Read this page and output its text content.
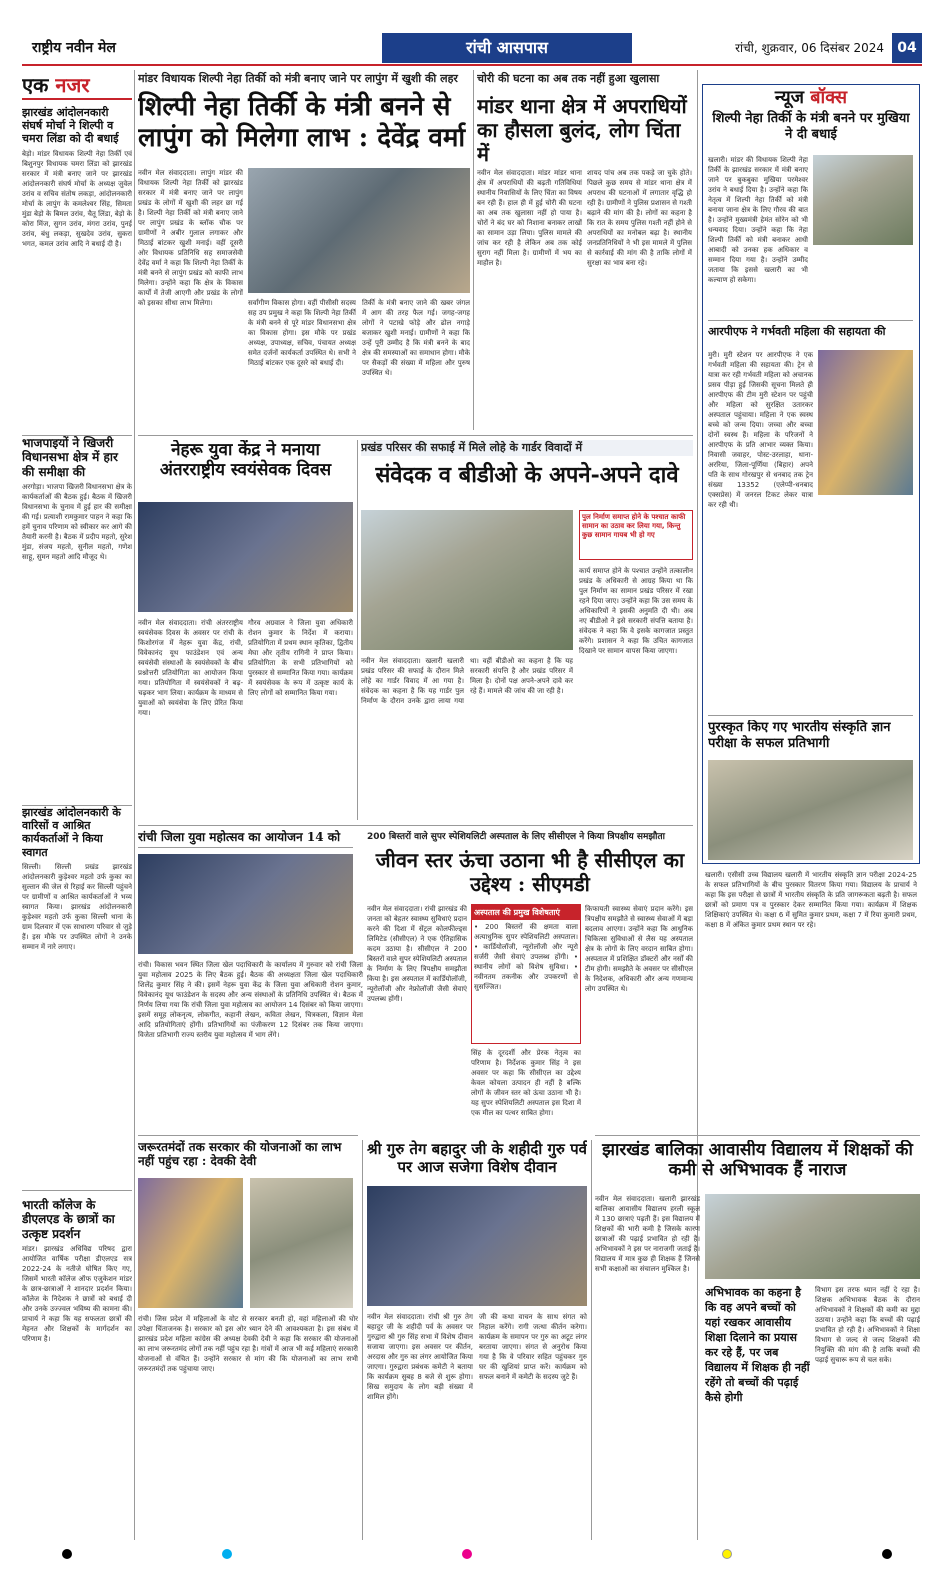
राष्ट्रीय नवीन मेल	रांची आसपास	रांची, शुक्रवार, 06 दिसंबर 2024 04
एक नजर
झारखंड आंदोलनकारी संघर्ष मोर्चा ने शिल्पी व चमरा लिंडा को दी बधाई
बेड़ो। मांडर विधायक शिल्पी नेहा तिर्की एवं बिशुनपुर विधायक चमरा लिंडा को झारखंड सरकार में मंत्री बनाए जाने पर झारखंड आंदोलनकारी संघर्ष मोर्चा के अध्यक्ष जुवेल उरांव व सचिव संतोष लकड़ा, आंदोलनकारी मोर्चा के लापुंग के कमलेश्वर सिंह, सिमता मुंडा बेड़ो के बिमल उरांव, चैतू लिंडा, बेड़ो के कोरा मिंज, सुगन उरांव, मंगरा उरांव, पुनई उरांव, बंधु लकड़ा, सुखदेव उरांव, सुकरा भगत, कमल उरांव आदि ने बधाई दी है।
भाजपाइयों ने खिजरी विधानसभा क्षेत्र में हार की समीक्षा की
अरगोड़ा। भाजपा खिजरी विधानसभा क्षेत्र के कार्यकर्ताओं की बैठक हुई। बैठक में खिजरी विधानसभा के चुनाव में हुई हार की समीक्षा की गई। प्रत्याशी रामकुमार पाहन ने कहा कि हमें चुनाव परिणाम को स्वीकार कर आगे की तैयारी करनी है। बैठक में प्रदीप महतो, सुरेश मुंडा, संजय महतो, सुनील महतो, गणेश साहू, सुमन महतो आदि मौजूद थे।
झारखंड आंदोलनकारी के वारिसों व आश्रित कार्यकर्ताओं ने किया स्वागत
सिल्ली। सिल्ली प्रखंड झारखंड आंदोलनकारी कुड़ेश्वर महतो उर्फ कुका का सुल्तान की जेल से रिहाई कर सिल्ली पहुंचने पर ग्रामीणों व आश्रित कार्यकर्ताओं ने भव्य स्वागत किया। झारखंड आंदोलनकारी कुड़ेश्वर महतो उर्फ कुका सिल्ली थाना के ग्राम दिलवार में एक साधारण परिवार से जुड़े हैं। इस मौके पर उपस्थित लोगों ने उनके सम्मान में नारे लगाए।
भारती कॉलेज के डीएलएड के छात्रों का उत्कृष्ट प्रदर्शन
मांडर। झारखंड अधिविद्य परिषद द्वारा आयोजित वार्षिक परीक्षा डीएलएड सत्र 2022-24 के नतीजे घोषित किए गए, जिसमें भारती कॉलेज ऑफ एजुकेशन मांडर के छात्र-छात्राओं ने शानदार प्रदर्शन किया। कॉलेज के निदेशक ने छात्रों को बधाई दी और उनके उज्ज्वल भविष्य की कामना की। प्राचार्य ने कहा कि यह सफलता छात्रों की मेहनत और शिक्षकों के मार्गदर्शन का परिणाम है।
मांडर विधायक शिल्पी नेहा तिर्की को मंत्री बनाए जाने पर लापुंग में खुशी की लहर
शिल्पी नेहा तिर्की के मंत्री बनने से लापुंग को मिलेगा लाभ : देवेंद्र वर्मा
नवीन मेल संवाददाता। लापुंग मांडर की विधायक शिल्पी नेहा तिर्की को झारखंड सरकार में मंत्री बनाए जाने पर लापुंग प्रखंड के लोगों में खुशी की लहर छा गई है। शिल्पी नेहा तिर्की को मंत्री बनाए जाने पर लापुंग प्रखंड के ब्लॉक चौक पर ग्रामीणों ने अबीर गुलाल लगाकर और मिठाई बांटकर खुशी मनाई। वहीं दूसरी ओर विधायक प्रतिनिधि सह समाजसेवी देवेंद्र वर्मा ने कहा कि शिल्पी नेहा तिर्की के मंत्री बनने से लापुंग प्रखंड को काफी लाभ मिलेगा। उन्होंने कहा कि क्षेत्र के विकास कार्यों में तेजी आएगी और प्रखंड के लोगों को इसका सीधा लाभ मिलेगा।	सर्वांगीण विकास होगा। वहीं पीसीसी सदस्य सह उप प्रमुख ने कहा कि शिल्पी नेहा तिर्की के मंत्री बनने से पूरे मांडर विधानसभा क्षेत्र का विकास होगा। इस मौके पर प्रखंड अध्यक्ष, उपाध्यक्ष, सचिव, पंचायत अध्यक्ष समेत दर्जनों कार्यकर्ता उपस्थित थे। सभी ने मिठाई बांटकर एक दूसरे को बधाई दी।
तिर्की के मंत्री बनाए जाने की खबर जंगल में आग की तरह फैल गई। जगह-जगह लोगों ने पटाखे फोड़े और ढोल नगाड़े बजाकर खुशी मनाई। ग्रामीणों ने कहा कि उन्हें पूरी उम्मीद है कि मंत्री बनने के बाद क्षेत्र की समस्याओं का समाधान होगा। मौके पर सैकड़ों की संख्या में महिला और पुरुष उपस्थित थे।
चोरी की घटना का अब तक नहीं हुआ खुलासा
मांडर थाना क्षेत्र में अपराधियों का हौसला बुलंद, लोग चिंता में
नवीन मेल संवाददाता। मांडर मांडर थाना क्षेत्र में अपराधियों की बढ़ती गतिविधियां स्थानीय निवासियों के लिए चिंता का विषय बन रही हैं। हाल ही में हुई चोरी की घटना का अब तक खुलासा नहीं हो पाया है। चोरों ने बंद घर को निशाना बनाकर लाखों का सामान उड़ा लिया। पुलिस मामले की जांच कर रही है लेकिन अब तक कोई सुराग नहीं मिला है। ग्रामीणों में भय का माहौल है।
शायद पांच अब तक पकड़े जा चुके होते। पिछले कुछ समय से मांडर थाना क्षेत्र में अपराध की घटनाओं में लगातार वृद्धि हो रही है। ग्रामीणों ने पुलिस प्रशासन से गश्ती बढ़ाने की मांग की है। लोगों का कहना है कि रात के समय पुलिस गश्ती नहीं होने से अपराधियों का मनोबल बढ़ा है। स्थानीय जनप्रतिनिधियों ने भी इस मामले में पुलिस से कार्रवाई की मांग की है ताकि लोगों में सुरक्षा का भाव बना रहे।
न्यूज बॉक्स
शिल्पी नेहा तिर्की के मंत्री बनने पर मुखिया ने दी बधाई
खलारी। मांडर की विधायक शिल्पी नेहा तिर्की के झारखंड सरकार में मंत्री बनाए जाने पर बुकबुका मुखिया परमेश्वर उरांव ने बधाई दिया है। उन्होंने कहा कि नेतृत्व में शिल्पी नेहा तिर्की को मंत्री बनाया जाना क्षेत्र के लिए गौरव की बात है। उन्होंने मुख्यमंत्री हेमंत सोरेन को भी धन्यवाद दिया। उन्होंने कहा कि नेहा शिल्पी तिर्की को मंत्री बनाकर आधी आबादी को उनका हक अधिकार व सम्मान दिया गया है। उन्होंने उम्मीद जताया कि इससे खलारी का भी कल्याण हो सकेगा।
आरपीएफ ने गर्भवती महिला की सहायता की
मुरी। मुरी स्टेशन पर आरपीएफ ने एक गर्भवती महिला की सहायता की। ट्रेन से यात्रा कर रही गर्भवती महिला को अचानक प्रसव पीड़ा हुई जिसकी सूचना मिलते ही आरपीएफ की टीम मुरी स्टेशन पर पहुंची और महिला को सुरक्षित उतारकर अस्पताल पहुंचाया। महिला ने एक स्वस्थ बच्चे को जन्म दिया। जच्चा और बच्चा दोनों स्वस्थ हैं। महिला के परिजनों ने आरपीएफ के प्रति आभार व्यक्त किया। निवासी जवाहर, पोस्ट-उरलाहा, थाना-अररिया, जिला-पूर्णिया (बिहार) अपने पति के साथ गोरखपुर से धनबाद तक ट्रेन संख्या 13352 (एलेप्पी-धनबाद एक्सप्रेस) में जनरल टिकट लेकर यात्रा कर रही थी।
पुरस्कृत किए गए भारतीय संस्कृति ज्ञान परीक्षा के सफल प्रतिभागी
खलारी। एसीसी उच्च विद्यालय खलारी में भारतीय संस्कृति ज्ञान परीक्षा 2024-25 के सफल प्रतिभागियों के बीच पुरस्कार वितरण किया गया। विद्यालय के प्राचार्य ने कहा कि इस परीक्षा से छात्रों में भारतीय संस्कृति के प्रति जागरूकता बढ़ती है। सफल छात्रों को प्रमाण पत्र व पुरस्कार देकर सम्मानित किया गया। कार्यक्रम में शिक्षक शिक्षिकाएं उपस्थित थे। कक्षा 6 में सुमित कुमार प्रथम, कक्षा 7 में रिया कुमारी प्रथम, कक्षा 8 में अंकित कुमार प्रथम स्थान पर रहे।
नेहरू युवा केंद्र ने मनाया अंतरराष्ट्रीय स्वयंसेवक दिवस
नवीन मेल संवाददाता। रांची अंतरराष्ट्रीय स्वयंसेवक दिवस के अवसर पर रांची के किशोरगंज में नेहरू युवा केंद्र, रांची, विवेकानंद यूथ फाउंडेशन एवं अन्य स्वयंसेवी संस्थाओं के स्वयंसेवकों के बीच प्रश्नोत्तरी प्रतियोगिता का आयोजन किया गया। प्रतियोगिता में स्वयंसेवकों ने बढ़-चढ़कर भाग लिया। कार्यक्रम के माध्यम से युवाओं को स्वयंसेवा के लिए प्रेरित किया गया।
गौरव अग्रवाल ने जिला युवा अधिकारी रोशन कुमार के निर्देश में कराया। प्रतियोगिता में प्रथम स्थान कृतिका, द्वितीय मेघा और तृतीय रागिनी ने प्राप्त किया। प्रतियोगिता के सभी प्रतिभागियों को पुरस्कार से सम्मानित किया गया। कार्यक्रम में स्वयंसेवक के रूप में उत्कृष्ट कार्य के लिए लोगों को सम्मानित किया गया।
प्रखंड परिसर की सफाई में मिले लोहे के गार्डर विवादों में
संवेदक व बीडीओ के अपने-अपने दावे
पुल निर्माण समाप्त होने के पश्चात काफी सामान का उठाव कर लिया गया, किन्तु कुछ सामान गायब भी हो गए
नवीन मेल संवाददाता। खलारी खलारी प्रखंड परिसर की सफाई के दौरान मिले लोहे का गार्डर विवाद में आ गया है। संवेदक का कहना है कि यह गार्डर पुल निर्माण के दौरान उनके द्वारा लाया गया था। वहीं बीडीओ का कहना है कि यह सरकारी संपत्ति है और प्रखंड परिसर में मिला है। दोनों पक्ष अपने-अपने दावे कर रहे हैं। मामले की जांच की जा रही है।
कार्य समाप्त होने के पश्चात उन्होंने तत्कालीन प्रखंड के अधिकारी से आग्रह किया था कि पुल निर्माण का सामान प्रखंड परिसर में रखा रहने दिया जाए। उन्होंने कहा कि उस समय के अधिकारियों ने इसकी अनुमति दी थी। अब नए बीडीओ ने इसे सरकारी संपत्ति बताया है। संवेदक ने कहा कि वे इसके कागजात प्रस्तुत करेंगे। प्रशासन ने कहा कि उचित कागजात दिखाने पर सामान वापस किया जाएगा।
रांची जिला युवा महोत्सव का आयोजन 14 को
रांची। विकास भवन स्थित जिला खेल पदाधिकारी के कार्यालय में गुरुवार को रांची जिला युवा महोत्सव 2025 के लिए बैठक हुई। बैठक की अध्यक्षता जिला खेल पदाधिकारी शिलेंद्र कुमार सिंह ने की। इसमें नेहरू युवा केंद्र के जिला युवा अधिकारी रोशन कुमार, विवेकानंद यूथ फाउंडेशन के सदस्य और अन्य संस्थाओं के प्रतिनिधि उपस्थित थे। बैठक में निर्णय लिया गया कि रांची जिला युवा महोत्सव का आयोजन 14 दिसंबर को किया जाएगा। इसमें समूह लोकनृत्य, लोकगीत, कहानी लेखन, कविता लेखन, चित्रकला, विज्ञान मेला आदि प्रतियोगिताएं होंगी। प्रतिभागियों का पंजीकरण 12 दिसंबर तक किया जाएगा। विजेता प्रतिभागी राज्य स्तरीय युवा महोत्सव में भाग लेंगे।
200 बिस्तरों वाले सुपर स्पेशियलिटी अस्पताल के लिए सीसीएल ने किया त्रिपक्षीय समझौता
जीवन स्तर ऊंचा उठाना भी है सीसीएल का उद्देश्य : सीएमडी
नवीन मेल संवाददाता। रांची झारखंड की जनता को बेहतर स्वास्थ्य सुविधाएं प्रदान करने की दिशा में सेंट्रल कोलफील्ड्स लिमिटेड (सीसीएल) ने एक ऐतिहासिक कदम उठाया है। सीसीएल ने 200 बिस्तरों वाले सुपर स्पेशियलिटी अस्पताल के निर्माण के लिए त्रिपक्षीय समझौता किया है। इस अस्पताल में कार्डियोलॉजी, न्यूरोलॉजी और नेफ्रोलॉजी जैसी सेवाएं उपलब्ध होंगी।
अस्पताल की प्रमुख विशेषताएं
• 200 बिस्तरों की क्षमता वाला अत्याधुनिक सुपर स्पेशियलिटी अस्पताल। • कार्डियोलॉजी, न्यूरोलॉजी और न्यूरो सर्जरी जैसी सेवाएं उपलब्ध होंगी। • स्थानीय लोगों को विशेष सुविधा। • नवीनतम तकनीक और उपकरणों से सुसज्जित।
सिंह के दूरदर्शी और प्रेरक नेतृत्व का परिणाम है। निर्देशक कुमार सिंह ने इस अवसर पर कहा कि सीसीएल का उद्देश्य केवल कोयला उत्पादन ही नहीं है बल्कि लोगों के जीवन स्तर को ऊंचा उठाना भी है। यह सुपर स्पेशियलिटी अस्पताल इस दिशा में एक मील का पत्थर साबित होगा।
किफायती स्वास्थ्य सेवाएं प्रदान करेंगे। इस त्रिपक्षीय समझौते से स्वास्थ्य सेवाओं में बड़ा बदलाव आएगा। उन्होंने कहा कि आधुनिक चिकित्सा सुविधाओं से लैस यह अस्पताल क्षेत्र के लोगों के लिए वरदान साबित होगा। अस्पताल में प्रशिक्षित डॉक्टरों और नर्सों की टीम होगी। समझौते के अवसर पर सीसीएल के निदेशक, अधिकारी और अन्य गणमान्य लोग उपस्थित थे।
जरूरतमंदों तक सरकार की योजनाओं का लाभ नहीं पहुंच रहा : देवकी देवी
रांची। जिस प्रदेश में महिलाओं के वोट से सरकार बनती हो, वहां महिलाओं की घोर उपेक्षा चिंताजनक है। सरकार को इस ओर ध्यान देने की आवश्यकता है। इस संबंध में झारखंड प्रदेश महिला कांग्रेस की अध्यक्ष देवकी देवी ने कहा कि सरकार की योजनाओं का लाभ जरूरतमंद लोगों तक नहीं पहुंच रहा है। गांवों में आज भी कई महिलाएं सरकारी योजनाओं से वंचित हैं। उन्होंने सरकार से मांग की कि योजनाओं का लाभ सभी जरूरतमंदों तक पहुंचाया जाए।
श्री गुरु तेग बहादुर जी के शहीदी गुरु पर्व पर आज सजेगा विशेष दीवान
नवीन मेल संवाददाता। रांची श्री गुरु तेग बहादुर जी के शहीदी पर्व के अवसर पर गुरुद्वारा श्री गुरु सिंह सभा में विशेष दीवान सजाया जाएगा। इस अवसर पर कीर्तन, अरदास और गुरु का लंगर आयोजित किया जाएगा। गुरुद्वारा प्रबंधक कमेटी ने बताया कि कार्यक्रम सुबह 8 बजे से शुरू होगा। सिख समुदाय के लोग बड़ी संख्या में शामिल होंगे।
जी की कथा वाचन के साथ संगत को निहाल करेंगे। रागी जत्था कीर्तन करेगा। कार्यक्रम के समापन पर गुरु का अटूट लंगर बरताया जाएगा। संगत से अनुरोध किया गया है कि वे परिवार सहित पहुंचकर गुरु घर की खुशियां प्राप्त करें। कार्यक्रम को सफल बनाने में कमेटी के सदस्य जुटे हैं।
झारखंड बालिका आवासीय विद्यालय में शिक्षकों की कमी से अभिभावक हैं नाराज
नवीन मेल संवाददाता। खलारी झारखंड बालिका आवासीय विद्यालय हरली स्कूल में 130 छात्राएं पढ़ती हैं। इस विद्यालय में शिक्षकों की भारी कमी है जिसके कारण छात्राओं की पढ़ाई प्रभावित हो रही है। अभिभावकों ने इस पर नाराजगी जताई है। विद्यालय में मात्र कुछ ही शिक्षक हैं जिनसे सभी कक्षाओं का संचालन मुश्किल है।
अभिभावक का कहना है कि वह अपने बच्चों को यहां रखकर आवासीय शिक्षा दिलाने का प्रयास कर रहे हैं, पर जब विद्यालय में शिक्षक ही नहीं रहेंगे तो बच्चों की पढ़ाई कैसे होगी
विभाग इस तरफ ध्यान नहीं दे रहा है। शिक्षक अभिभावक बैठक के दौरान अभिभावकों ने शिक्षकों की कमी का मुद्दा उठाया। उन्होंने कहा कि बच्चों की पढ़ाई प्रभावित हो रही है। अभिभावकों ने शिक्षा विभाग से जल्द से जल्द शिक्षकों की नियुक्ति की मांग की है ताकि बच्चों की पढ़ाई सुचारू रूप से चल सके।
